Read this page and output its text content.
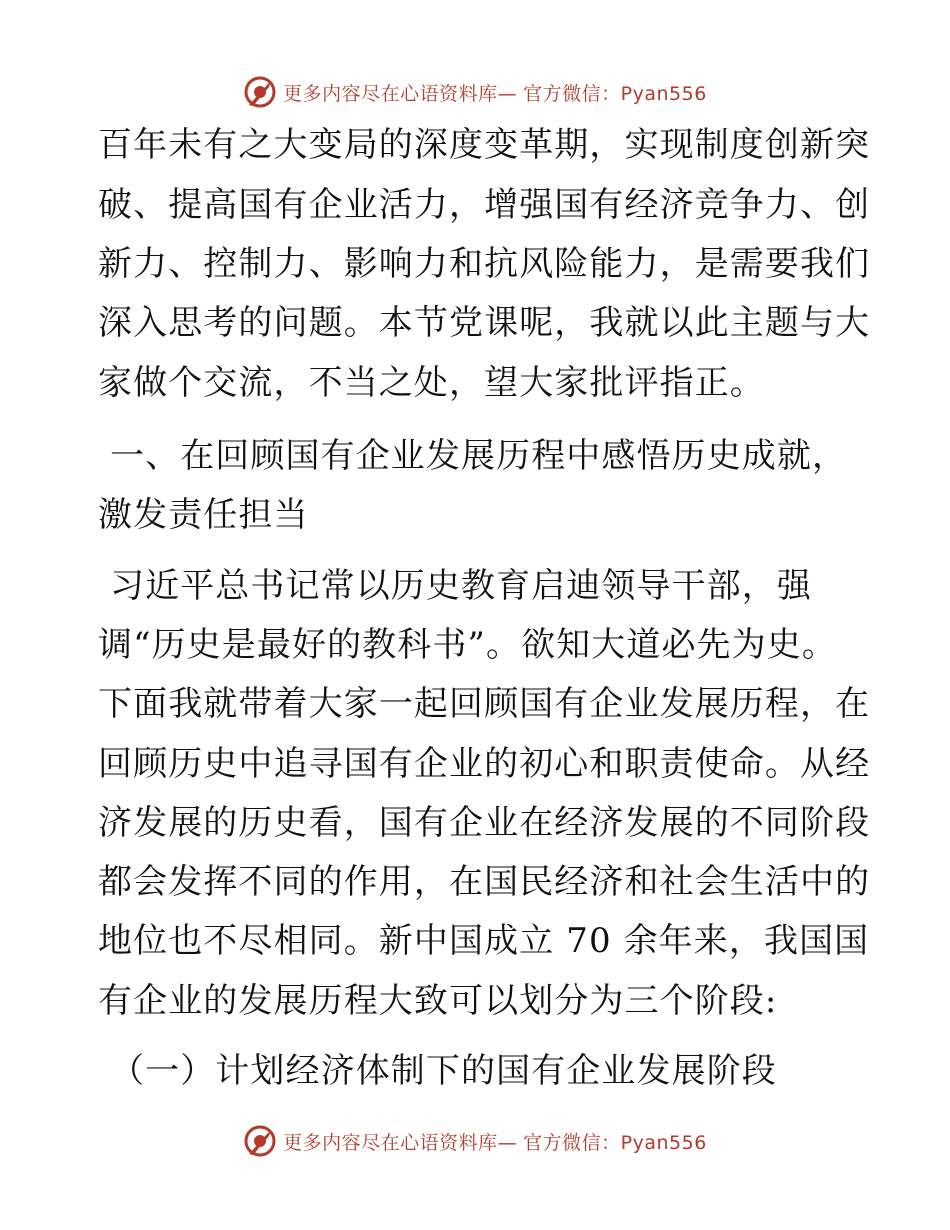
更多内容尽在心语资料库— 官方微信：Pyan556
百年未有之大变局的深度变革期，实现制度创新突
破、提高国有企业活力，增强国有经济竞争力、创
新力、控制力、影响力和抗风险能力，是需要我们
深入思考的问题。本节党课呢，我就以此主题与大
家做个交流，不当之处，望大家批评指正。
一、在回顾国有企业发展历程中感悟历史成就，
激发责任担当
习近平总书记常以历史教育启迪领导干部，强
调“历史是最好的教科书”。欲知大道必先为史。
下面我就带着大家一起回顾国有企业发展历程，在
回顾历史中追寻国有企业的初心和职责使命。从经
济发展的历史看，国有企业在经济发展的不同阶段
都会发挥不同的作用，在国民经济和社会生活中的
地位也不尽相同。新中国成立 70 余年来，我国国
有企业的发展历程大致可以划分为三个阶段:
（一）计划经济体制下的国有企业发展阶段
更多内容尽在心语资料库— 官方微信：Pyan556
